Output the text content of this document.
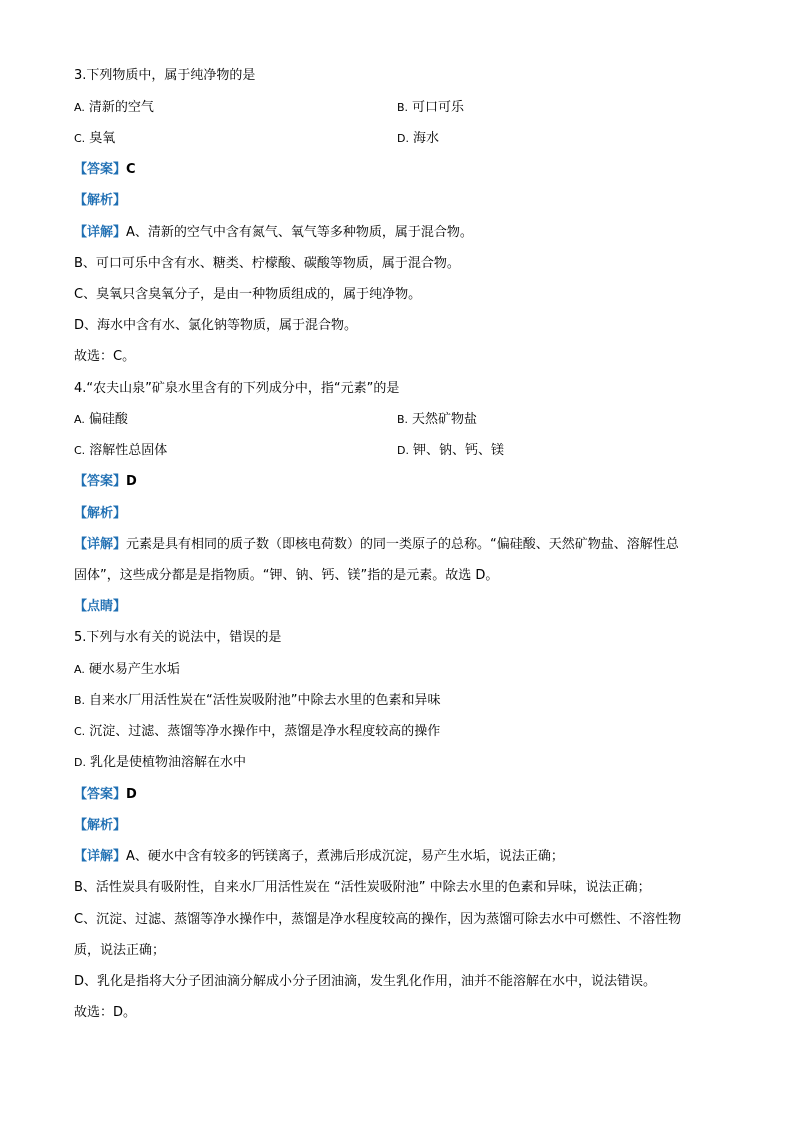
3.下列物质中，属于纯净物的是
A. 清新的空气	B. 可口可乐
C. 臭氧	D. 海水
【答案】C
【解析】
【详解】A、清新的空气中含有氮气、氧气等多种物质，属于混合物。
B、可口可乐中含有水、糖类、柠檬酸、碳酸等物质，属于混合物。
C、臭氧只含臭氧分子，是由一种物质组成的，属于纯净物。
D、海水中含有水、氯化钠等物质，属于混合物。
故选：C。
4.“农夫山泉”矿泉水里含有的下列成分中，指“元素”的是
A. 偏硅酸	B. 天然矿物盐
C. 溶解性总固体	D. 钾、钠、钙、镁
【答案】D
【解析】
【详解】元素是具有相同的质子数（即核电荷数）的同一类原子的总称。“偏硅酸、天然矿物盐、溶解性总
固体”，这些成分都是是指物质。“钾、钠、钙、镁”指的是元素。故选 D。
【点睛】
5.下列与水有关的说法中，错误的是
A. 硬水易产生水垢
B. 自来水厂用活性炭在“活性炭吸附池”中除去水里的色素和异味
C. 沉淀、过滤、蒸馏等净水操作中，蒸馏是净水程度较高的操作
D. 乳化是使植物油溶解在水中
【答案】D
【解析】
【详解】A、硬水中含有较多的钙镁离子，煮沸后形成沉淀，易产生水垢，说法正确；
B、活性炭具有吸附性，自来水厂用活性炭在 “活性炭吸附池” 中除去水里的色素和异味，说法正确；
C、沉淀、过滤、蒸馏等净水操作中，蒸馏是净水程度较高的操作，因为蒸馏可除去水中可燃性、不溶性物
质，说法正确；
D、乳化是指将大分子团油滴分解成小分子团油滴，发生乳化作用，油并不能溶解在水中，说法错误。
故选：D。
